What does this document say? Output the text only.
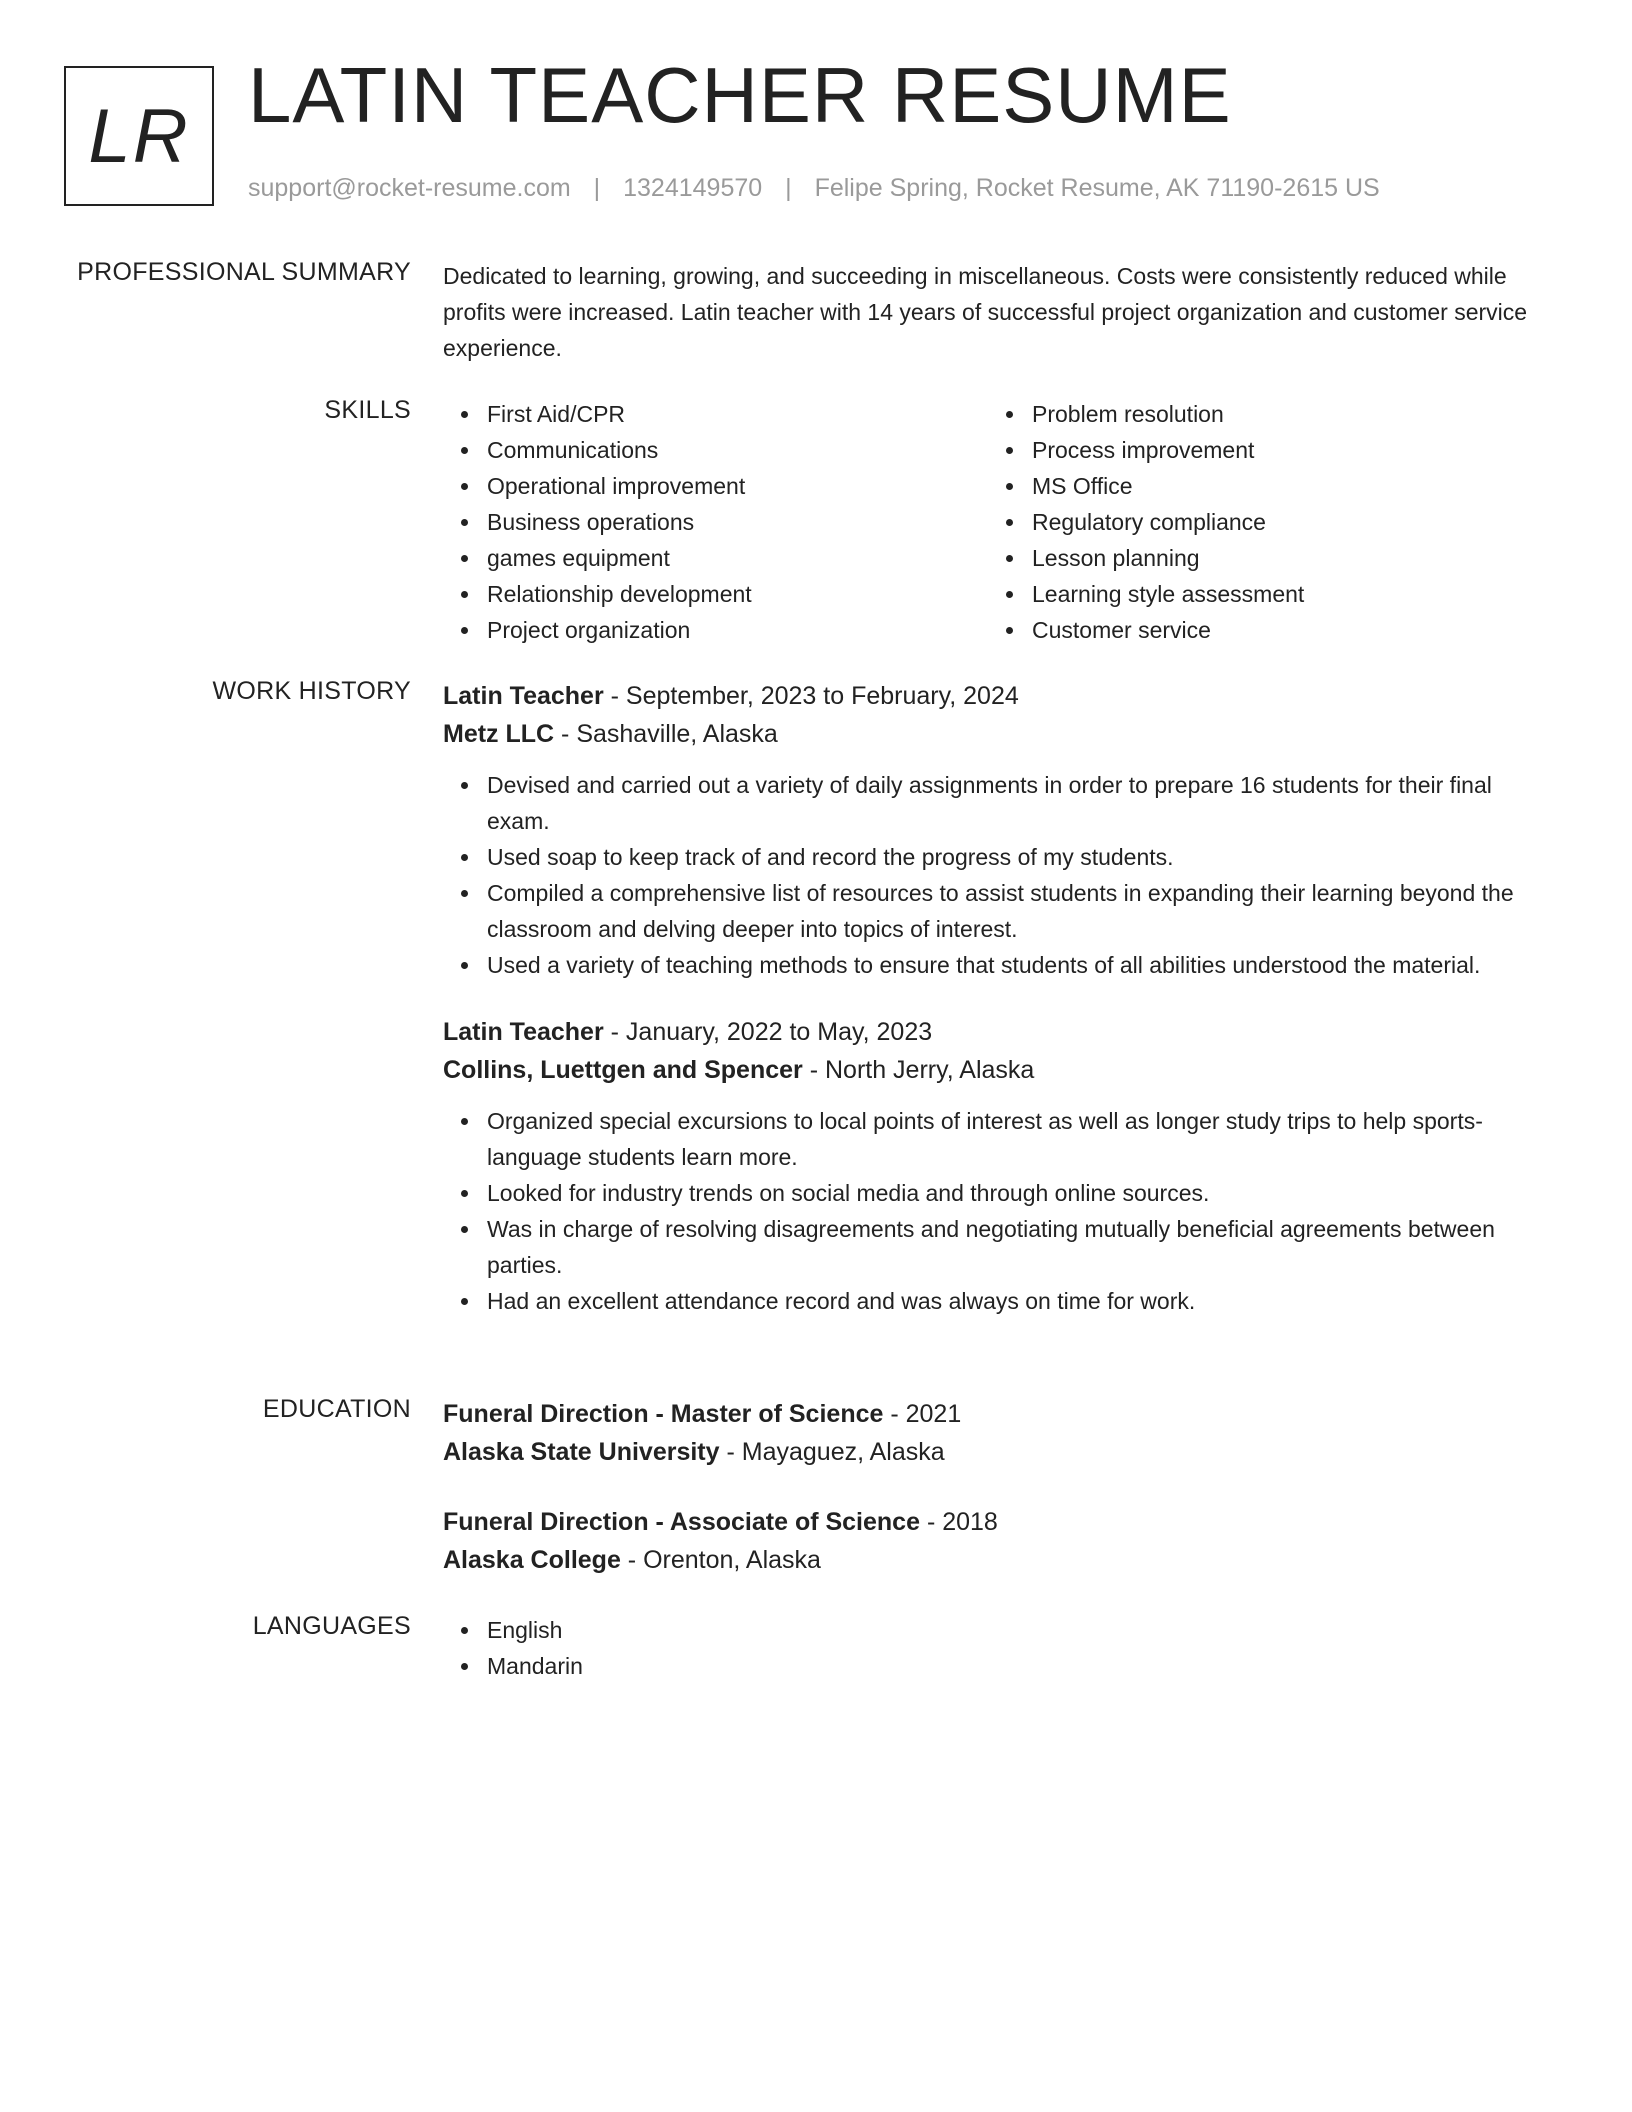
LR LATIN TEACHER RESUME
support@rocket-resume.com | 1324149570 | Felipe Spring, Rocket Resume, AK 71190-2615 US
PROFESSIONAL SUMMARY Dedicated to learning, growing, and succeeding in miscellaneous. Costs were consistently reduced while profits were increased. Latin teacher with 14 years of successful project organization and customer service experience.

SKILLS	First Aid/CPR
Communications
Operational improvement
Business operations
games equipment
Relationship development
Project organization
Problem resolution
Process improvement
MS Office
Regulatory compliance
Lesson planning
Learning style assessment
Customer service
WORK HISTORY Latin Teacher - September, 2023 to February, 2024

Metz LLC - Sashaville, Alaska

Devised and carried out a variety of daily assignments in order to prepare 16 students for their final exam.
Used soap to keep track of and record the progress of my students.
Compiled a comprehensive list of resources to assist students in expanding their learning beyond the classroom and delving deeper into topics of interest.
Used a variety of teaching methods to ensure that students of all abilities understood the material.

Latin Teacher - January, 2022 to May, 2023

Collins, Luettgen and Spencer - North Jerry, Alaska

Organized special excursions to local points of interest as well as longer study trips to help sports-language students learn more.
Looked for industry trends on social media and through online sources.
Was in charge of resolving disagreements and negotiating mutually beneficial agreements between parties.
Had an excellent attendance record and was always on time for work.
EDUCATION Funeral Direction - Master of Science - 2021

Alaska State University - Mayaguez, Alaska

Funeral Direction - Associate of Science - 2018

Alaska College - Orenton, Alaska

LANGUAGES	English
Mandarin
